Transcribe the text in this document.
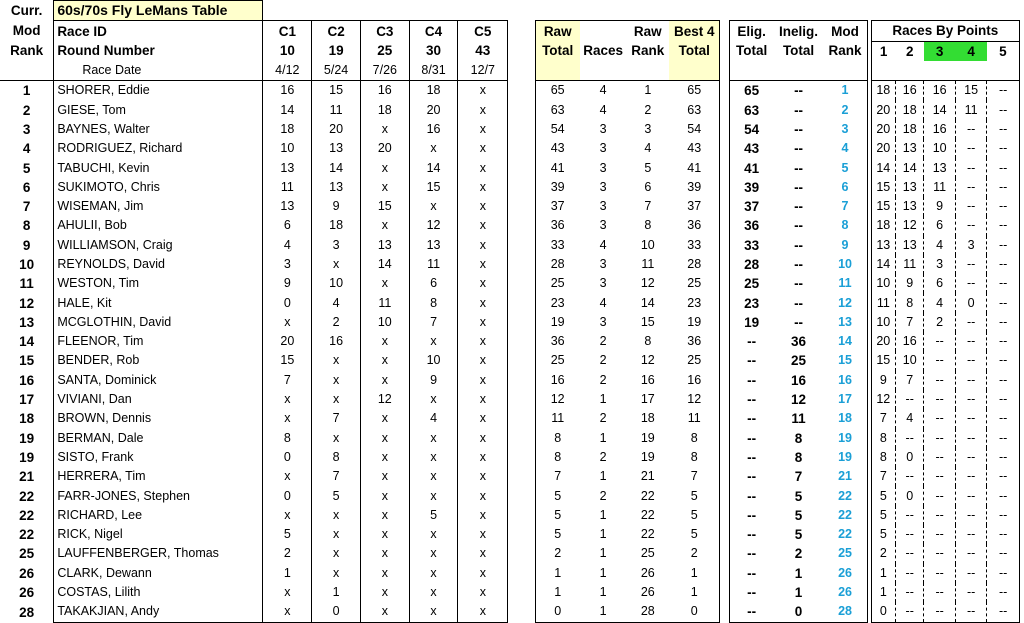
Curr.	60s/70s Fly LeMans Table																				
Mod	Race ID	C1	C2	C3	C4	C5		Raw		Raw	Best 4		Elig.	Inelig.	Mod		Races By Points				
Rank	Round Number	10	19	25	30	43		Total	Races	Rank	Total		Total	Total	Rank		1	2	3	4	5
	Race Date	4/12	5/24	7/26	8/31	12/7															
1	SHORER, Eddie	16	15	16	18	x		65	4	1	65		65	--	1		18	16	16	15	--
2	GIESE, Tom	14	11	18	20	x		63	4	2	63		63	--	2		20	18	14	11	--
3	BAYNES, Walter	18	20	x	16	x		54	3	3	54		54	--	3		20	18	16	--	--
4	RODRIGUEZ, Richard	10	13	20	x	x		43	3	4	43		43	--	4		20	13	10	--	--
5	TABUCHI, Kevin	13	14	x	14	x		41	3	5	41		41	--	5		14	14	13	--	--
6	SUKIMOTO, Chris	11	13	x	15	x		39	3	6	39		39	--	6		15	13	11	--	--
7	WISEMAN, Jim	13	9	15	x	x		37	3	7	37		37	--	7		15	13	9	--	--
8	AHULII, Bob	6	18	x	12	x		36	3	8	36		36	--	8		18	12	6	--	--
9	WILLIAMSON, Craig	4	3	13	13	x		33	4	10	33		33	--	9		13	13	4	3	--
10	REYNOLDS, David	3	x	14	11	x		28	3	11	28		28	--	10		14	11	3	--	--
11	WESTON, Tim	9	10	x	6	x		25	3	12	25		25	--	11		10	9	6	--	--
12	HALE, Kit	0	4	11	8	x		23	4	14	23		23	--	12		11	8	4	0	--
13	MCGLOTHIN, David	x	2	10	7	x		19	3	15	19		19	--	13		10	7	2	--	--
14	FLEENOR, Tim	20	16	x	x	x		36	2	8	36		--	36	14		20	16	--	--	--
15	BENDER, Rob	15	x	x	10	x		25	2	12	25		--	25	15		15	10	--	--	--
16	SANTA, Dominick	7	x	x	9	x		16	2	16	16		--	16	16		9	7	--	--	--
17	VIVIANI, Dan	x	x	12	x	x		12	1	17	12		--	12	17		12	--	--	--	--
18	BROWN, Dennis	x	7	x	4	x		11	2	18	11		--	11	18		7	4	--	--	--
19	BERMAN, Dale	8	x	x	x	x		8	1	19	8		--	8	19		8	--	--	--	--
19	SISTO, Frank	0	8	x	x	x		8	2	19	8		--	8	19		8	0	--	--	--
21	HERRERA, Tim	x	7	x	x	x		7	1	21	7		--	7	21		7	--	--	--	--
22	FARR-JONES, Stephen	0	5	x	x	x		5	2	22	5		--	5	22		5	0	--	--	--
22	RICHARD, Lee	x	x	x	5	x		5	1	22	5		--	5	22		5	--	--	--	--
22	RICK, Nigel	5	x	x	x	x		5	1	22	5		--	5	22		5	--	--	--	--
25	LAUFFENBERGER, Thomas	2	x	x	x	x		2	1	25	2		--	2	25		2	--	--	--	--
26	CLARK, Dewann	1	x	x	x	x		1	1	26	1		--	1	26		1	--	--	--	--
26	COSTAS, Lilith	x	1	x	x	x		1	1	26	1		--	1	26		1	--	--	--	--
28	TAKAKJIAN, Andy	x	0	x	x	x		0	1	28	0		--	0	28		0	--	--	--	--
